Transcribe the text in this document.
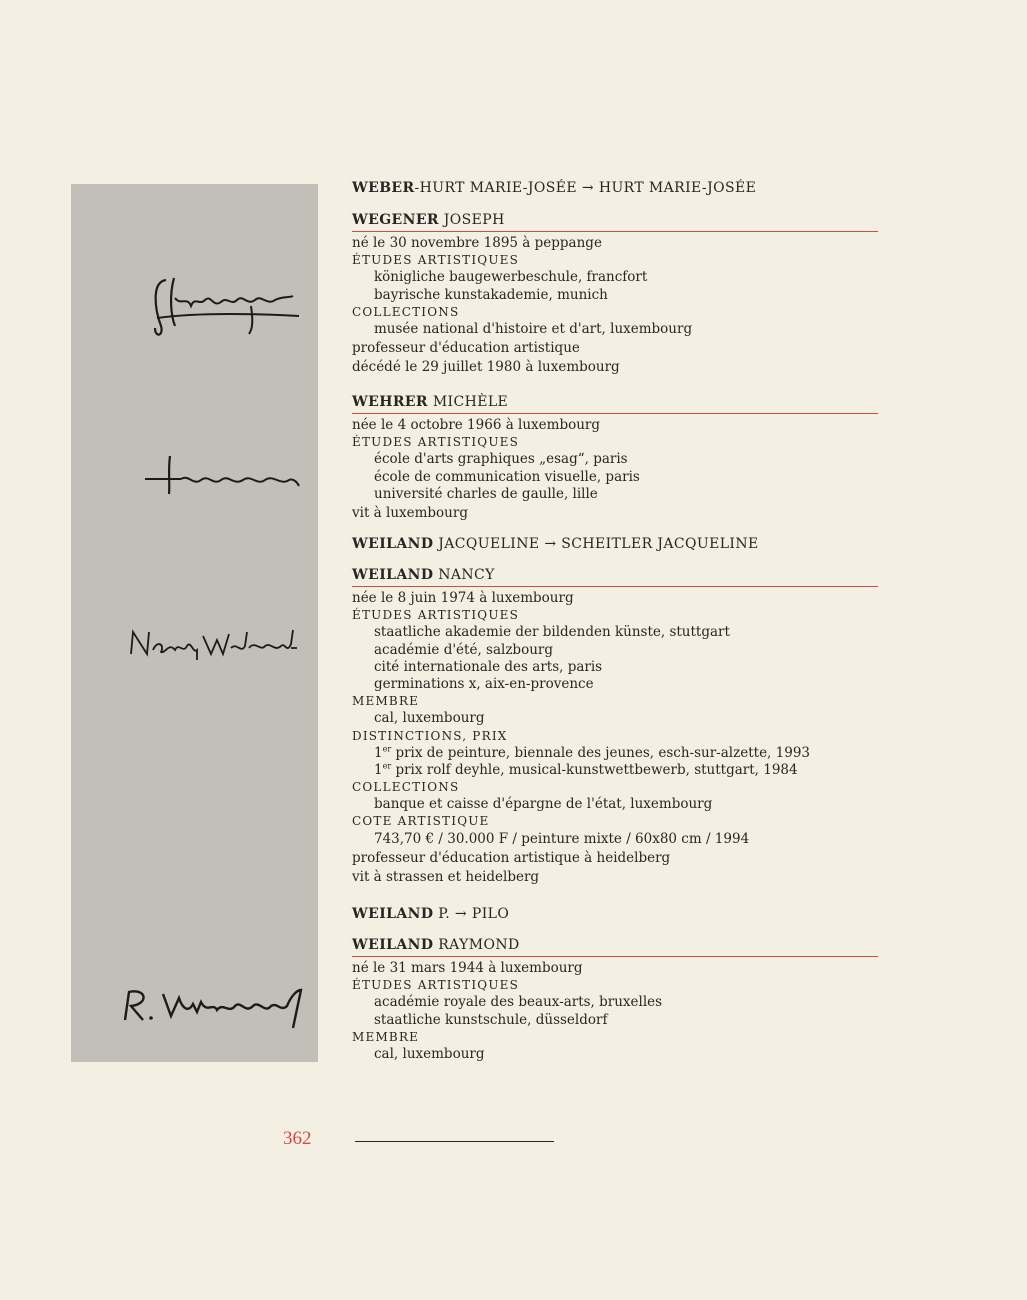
WEBER-HURT MARIE-JOSÉE → HURT MARIE-JOSÉE
WEGENER JOSEPH
né le 30 novembre 1895 à peppange
ÉTUDES ARTISTIQUES
königliche baugewerbeschule, francfort
bayrische kunstakademie, munich
COLLECTIONS
musée national d'histoire et d'art, luxembourg
professeur d'éducation artistique
décédé le 29 juillet 1980 à luxembourg
WEHRER MICHÈLE
née le 4 octobre 1966 à luxembourg
ÉTUDES ARTISTIQUES
école d'arts graphiques „esag“, paris
école de communication visuelle, paris
université charles de gaulle, lille
vit à luxembourg
WEILAND JACQUELINE → SCHEITLER JACQUELINE
WEILAND NANCY
née le 8 juin 1974 à luxembourg
ÉTUDES ARTISTIQUES
staatliche akademie der bildenden künste, stuttgart
académie d'été, salzbourg
cité internationale des arts, paris
germinations x, aix-en-provence
MEMBRE
cal, luxembourg
DISTINCTIONS, PRIX
1er prix de peinture, biennale des jeunes, esch-sur-alzette, 1993
1er prix rolf deyhle, musical-kunstwettbewerb, stuttgart, 1984
COLLECTIONS
banque et caisse d'épargne de l'état, luxembourg
COTE ARTISTIQUE
743,70 € / 30.000 F / peinture mixte / 60x80 cm / 1994
professeur d'éducation artistique à heidelberg
vit à strassen et heidelberg
WEILAND P. → PILO
WEILAND RAYMOND
né le 31 mars 1944 à luxembourg
ÉTUDES ARTISTIQUES
académie royale des beaux-arts, bruxelles
staatliche kunstschule, düsseldorf
MEMBRE
cal, luxembourg
362
